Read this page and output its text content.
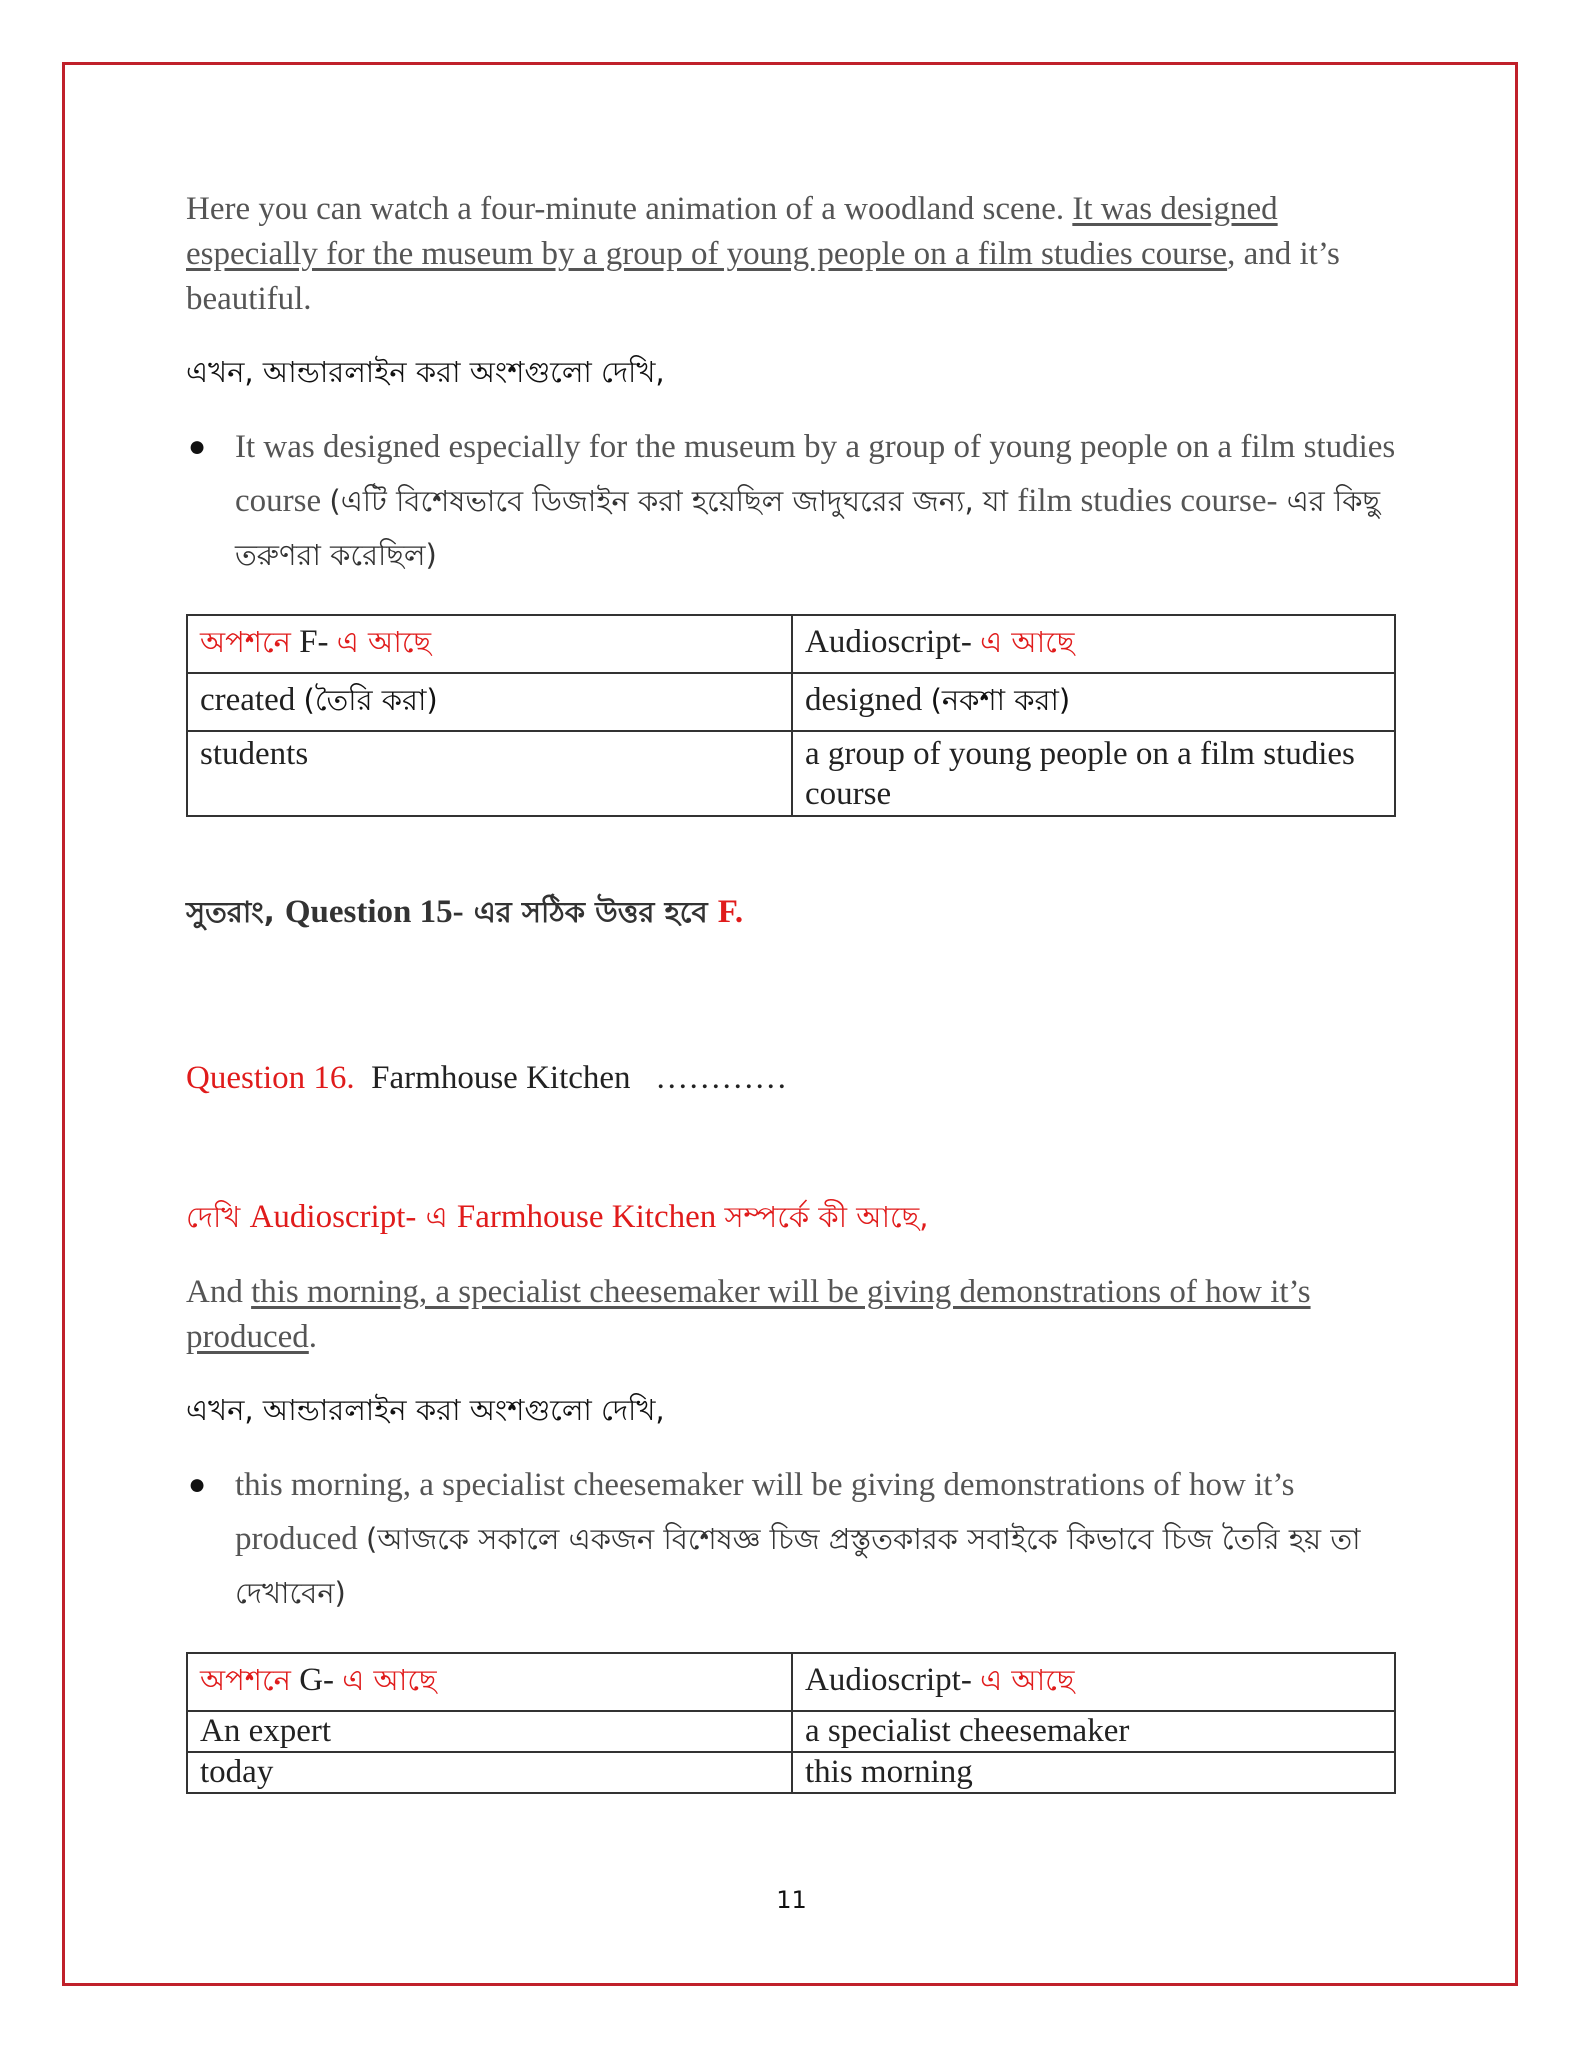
Here you can watch a four-minute animation of a woodland scene. It was designed especially for the museum by a group of young people on a film studies course, and it’s beautiful.

এখন, আন্ডারলাইন করা অংশগুলো দেখি,
● It was designed especially for the museum by a group of young people on a film studies course (এটি বিশেষভাবে ডিজাইন করা হয়েছিল জাদুঘরের জন্য, যা film studies course- এর কিছু তরুণরা করেছিল)
অপশনে F- এ আছে	Audioscript- এ আছে
created (তৈরি করা)	designed (নকশা করা)
students	a group of young people on a film studies course
সুতরাং, Question 15- এর সঠিক উত্তর হবে F.
Question 16. Farmhouse Kitchen …………
দেখি Audioscript- এ Farmhouse Kitchen সম্পর্কে কী আছে,

And this morning, a specialist cheesemaker will be giving demonstrations of how it’s produced.

এখন, আন্ডারলাইন করা অংশগুলো দেখি,
● this morning, a specialist cheesemaker will be giving demonstrations of how it’s produced (আজকে সকালে একজন বিশেষজ্ঞ চিজ প্রস্তুতকারক সবাইকে কিভাবে চিজ তৈরি হয় তা দেখাবেন)
অপশনে G- এ আছে	Audioscript- এ আছে
An expert	a specialist cheesemaker
today	this morning
11
